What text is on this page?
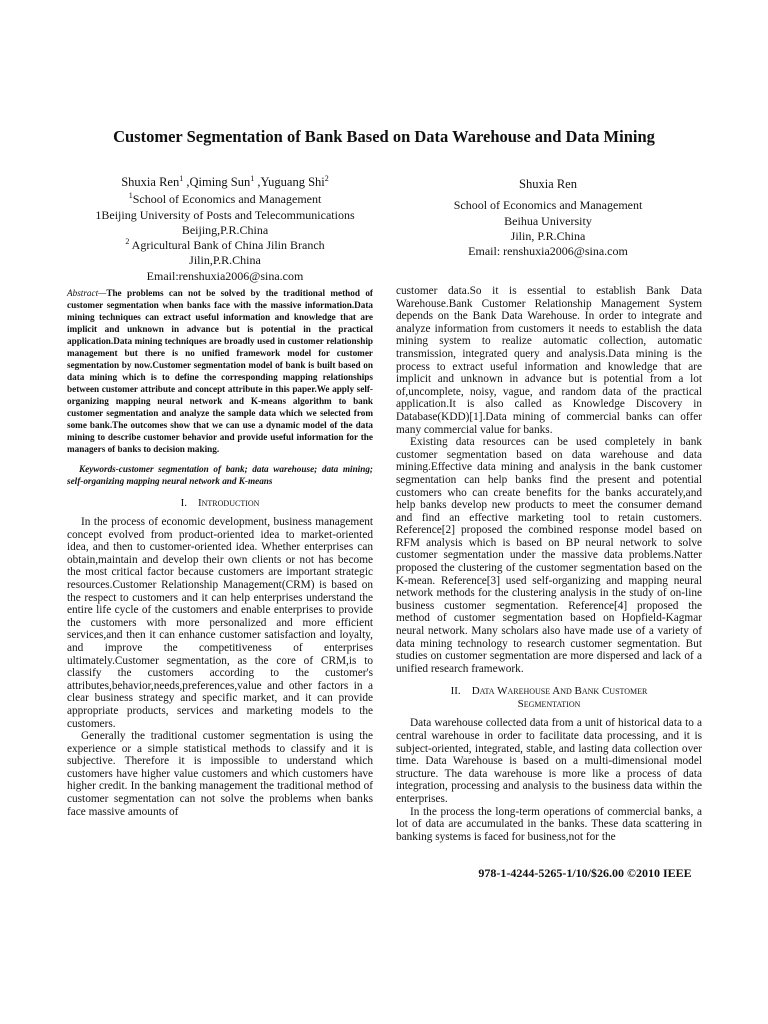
Customer Segmentation of Bank Based on Data Warehouse and Data Mining
Shuxia Ren$^1$ ,Qiming Sun$^1$ ,Yuguang Shi$^2$
$^1$School of Economics and Management
1Beijing University of Posts and Telecommunications
Beijing,P.R.China
$^2$ Agricultural Bank of China Jilin Branch
Jilin,P.R.China
Email:renshuxia2006@sina.com
Shuxia Ren
School of Economics and Management
Beihua University
Jilin, P.R.China
Email: renshuxia2006@sina.com
Abstract—The problems can not be solved by the traditional method of customer segmentation when banks face with the massive information.Data mining techniques can extract useful information and knowledge that are implicit and unknown in advance but is potential in the practical application.Data mining techniques are broadly used in customer relationship management but there is no unified framework model for customer segmentation by now.Customer segmentation model of bank is built based on data mining which is to define the corresponding mapping relationships between customer attribute and concept attribute in this paper.We apply self-organizing mapping neural network and K-means algorithm to bank customer segmentation and analyze the sample data which we selected from some bank.The outcomes show that we can use a dynamic model of the data mining to describe customer behavior and provide useful information for the managers of banks to decision making.
Keywords-customer segmentation of bank; data warehouse; data mining; self-organizing mapping neural network and K-means
I. Introduction

In the process of economic development, business management concept evolved from product-oriented idea to market-oriented idea, and then to customer-oriented idea. Whether enterprises can obtain,maintain and develop their own clients or not has become the most critical factor because customers are important strategic resources.Customer Relationship Management(CRM) is based on the respect to customers and it can help enterprises understand the entire life cycle of the customers and enable enterprises to provide the customers with more personalized and more efficient services,and then it can enhance customer satisfaction and loyalty, and improve the competitiveness of enterprises ultimately.Customer segmentation, as the core of CRM,is to classify the customers according to the customer's attributes,behavior,needs,preferences,value and other factors in a clear business strategy and specific market, and it can provide appropriate products, services and marketing models to the customers.

Generally the traditional customer segmentation is using the experience or a simple statistical methods to classify and it is subjective. Therefore it is impossible to understand which customers have higher value customers and which customers have higher credit. In the banking management the traditional method of customer segmentation can not solve the problems when banks face massive amounts of

customer data.So it is essential to establish Bank Data Warehouse.Bank Customer Relationship Management System depends on the Bank Data Warehouse. In order to integrate and analyze information from customers it needs to establish the data mining system to realize automatic collection, automatic transmission, integrated query and analysis.Data mining is the process to extract useful information and knowledge that are implicit and unknown in advance but is potential from a lot of,uncomplete, noisy, vague, and random data of the practical application.It is also called as Knowledge Discovery in Database(KDD)[1].Data mining of commercial banks can offer many commercial value for banks.

Existing data resources can be used completely in bank customer segmentation based on data warehouse and data mining.Effective data mining and analysis in the bank customer segmentation can help banks find the present and potential customers who can create benefits for the banks accurately,and help banks develop new products to meet the consumer demand and find an effective marketing tool to retain customers. Reference[2] proposed the combined response model based on RFM analysis which is based on BP neural network to solve customer segmentation under the massive data problems.Natter proposed the clustering of the customer segmentation based on the K-mean. Reference[3] used self-organizing and mapping neural network methods for the clustering analysis in the study of on-line business customer segmentation. Reference[4] proposed the method of customer segmentation based on Hopfield-Kagmar neural network. Many scholars also have made use of a variety of data mining technology to research customer segmentation. But studies on customer segmentation are more dispersed and lack of a unified research framework.

II. Data Warehouse And Bank Customer
Segmentation

Data warehouse collected data from a unit of historical data to a central warehouse in order to facilitate data processing, and it is subject-oriented, integrated, stable, and lasting data collection over time. Data Warehouse is based on a multi-dimensional model structure. The data warehouse is more like a process of data integration, processing and analysis to the business data within the enterprises.

In the process the long-term operations of commercial banks, a lot of data are accumulated in the banks. These data scattering in banking systems is faced for business,not for the

978-1-4244-5265-1/10/$26.00 ©2010 IEEE
